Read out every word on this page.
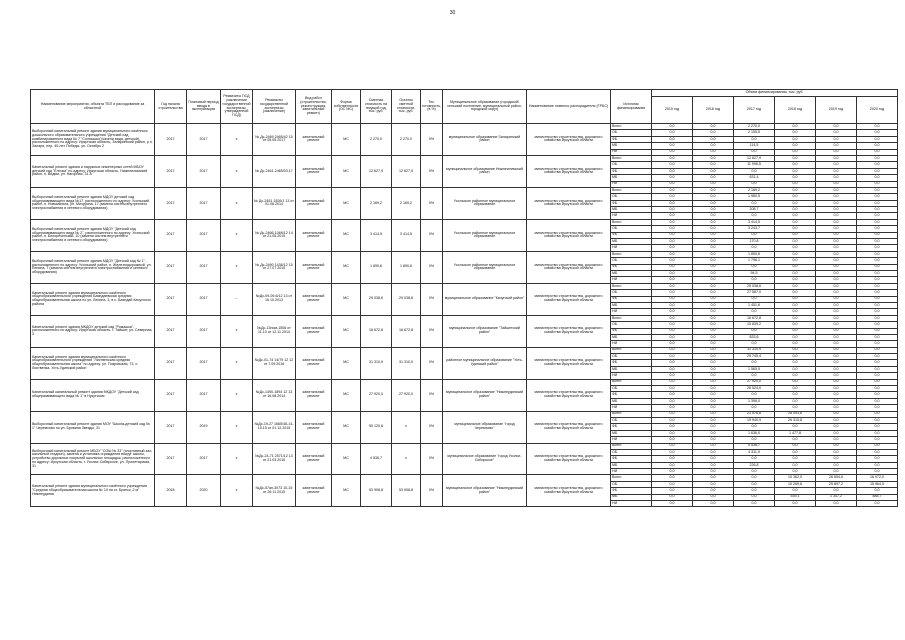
30
Наименование мероприятия, объекта ТБП и расходование за областной	Год начала строительства	Плановый период ввода в эксплуатацию	Реквизиты ПСД (заключение государственной экспертизы, утвержденной ПСД)	Реквизиты государственной экспертизы (заключение)	Вид работ (строительство, реконструкция, капитальный ремонт)	Форма собственности (ОС МС)	Сметная стоимость на текущий год, тыс. руб.	Остаток сметной стоимости, тыс. руб.	Тех. готовность, (в %)	Муниципальное образование (городской/сельский поселение, муниципальный район, городской округ)	Наименование главного распорядителя (ГРБС)	Источник финансирования	Объем финансирования, тыс. руб.					
													2015 год	2016 год	2017 год	2018 год	2019 год	2020 год
Выборочный капитальный ремонт здания муниципального казённого дошкольного образовательного учреждения "Детский сад комбинированного вида № 7 "Солнышко"(качели вида, детской), расположенного по адресу: Иркутская область, Заларинский район, р.п. Залари, пер. 40-лет Победы, ул. Октябрь 2	2017	2017	х	№ Дс-2469 2465/42 15 от 05.05.2017	капитальный ремонт	МС	2 270,0	2 270,0	0%	муниципальное образование Заларинский район	министерство строительства, дорожного хозяйства Иркутской области	Всего	0,0	0,0	2 270,0	0,0	0,0	0,0
												ОБ	0,0	0,0	2 155,5	0,0	0,0	0,0
												ФБ	0,0	0,0	0,0	0,0	0,0	0,0
												МБ	0,0	0,0	114,5	0,0	0,0	0,0
												НИ	0,0	0,0	0,0	0,0	0,0	0,0
Капитальный ремонт здания и наружных инженерных сетей МБОУ детский сад "Елочка" по адресу: Иркутская область, Нижнеилимский район, п. Видим, ул. Нагорная, 31 А	2017	2017	х	№ Дс-2461-2465/03.17	капитальный ремонт	МС	12 627,9	12 627,9	0%	муниципальное образование Нижнеилимский район	министерство строительства, дорожного хозяйства Иркутской области	Всего	0,0	0,0	12 627,9	0,0	0,0	0,0
												ОБ	0,0	0,0	11 996,5	0,0	0,0	0,0
												ФБ	0,0	0,0	0,0	0,0	0,0	0,0
												МБ	0,0	0,0	631,4	0,0	0,0	0,0
												НИ	0,0	0,0	0,0	0,0	0,0	0,0
Выборочный капитальный ремонт здания МДОУ детский сад общеразвивающего вида №17, расположенного по адресу: Усольский район, п. Новомальта, ул. Мичурина, 17 (замена систем внутреннего электроснабжения и сетевого оборудования)	2017	2017	х	№ Дс-2451 1526/1 13 от 01.08.2014	капитальный ремонт	МС	2 169,2	2 169,2	0%	Усольское районное муниципальное образование	министерство строительства, дорожного хозяйства Иркутской области	Всего	0,0	0,0	2 169,2	0,0	0,0	0,0
												ОБ	0,0	0,0	1 960,5	0,0	0,0	0,0
												ФБ	0,0	0,0	0,0	0,0	0,0	0,0
												МБ	0,0	0,0	208,7	0,0	0,0	0,0
												НИ	0,0	0,0	0,0	0,0	0,0	0,0
Выборочный капитальный ремонт здания МДОУ "Детский сад общеразвивающего вида № 2", расположенного по адресу: Усольский район, п. Белореченский, 10 (замена систем внутреннего электроснабжения и сетевого оборудования)	2017	2017	х	№ Дс-2466-1069/12 14 от 21.05.2015	капитальный ремонт	МС	3 414,5	3 414,5	0%	Усольское районное муниципальное образование	министерство строительства, дорожного хозяйства Иркутской области	Всего	0,0	0,0	3 414,5	0,0	0,0	0,0
												ОБ	0,0	0,0	3 243,7	0,0	0,0	0,0
												ФБ	0,0	0,0	0,0	0,0	0,0	0,0
												МБ	0,0	0,0	170,8	0,0	0,0	0,0
												НИ	0,0	0,0	0,0	0,0	0,0	0,0
Выборочный капитальный ремонт здания МДОУ "Детский сад № 1", расположенного по адресу: Усольский район, п. Железнодорожный, ул. Ленина, 7 (замена систем внутреннего электроснабжения и сетевого оборудования)	2017	2017	х	№ Дс-2490 1436/12 15 от 27.07.2015	капитальный ремонт	МС	1 890,6	1 890,6	0%	Усольское районное муниципальное образование	министерство строительства, дорожного хозяйства Иркутской области	Всего	0,0	0,0	1 890,6	0,0	0,0	0,0
												ОБ	0,0	0,0	1 796,1	0,0	0,0	0,0
												ФБ	0,0	0,0	0,0	0,0	0,0	0,0
												МБ	0,0	0,0	94,5	0,0	0,0	0,0
												НИ	0,0	0,0	0,0	0,0	0,0	0,0
Капитальный ремонт здания муниципального казённого общеобразовательного учреждения Баяндаевская средняя общеобразовательная школа по ул. Ленина, 3, в с. Баяндай Качугского района	2017	2017	–	№Дс-09-09-6/12 13 от 16.10.2013	капитальный ремонт	МС	29 038,6	29 038,6	0%	муниципальное образование "Качугский район"	министерство строительства, дорожного хозяйства Иркутской области	Всего	0,0	0,0	29 038,6	0,0	0,0	0,0
												ОБ	0,0	0,0	27 587,0	0,0	0,0	0,0
												ФБ	0,0	0,0	0,0	0,0	0,0	0,0
												МБ	0,0	0,0	1 451,6	0,0	0,0	0,0
												НИ	0,0	0,0	0,0	0,0	0,0	0,0
Капитальный ремонт здания МКДОУ детский сад "Ромашка", расположенного по адресу: Иркутская область, г. Тайшет, ул. Северная, 3	2017	2017	х	№Дс-13ном-1506 от 11.10 от 12.11.2014	капитальный ремонт	МС	16 672,8	16 672,8	0%	муниципальное образование "Тайшетский район"	министерство строительства, дорожного хозяйства Иркутской области	Всего	0,0	0,0	16 672,8	0,0	0,0	0,0
												ОБ	0,0	0,0	15 839,2	0,0	0,0	0,0
												ФБ	0,0	0,0	0,0	0,0	0,0	0,0
												МБ	0,0	0,0	833,6	0,0	0,0	0,0
												НИ	0,0	0,0	0,0	0,0	0,0	0,0
Капитальный ремонт здания муниципального казённого общеобразовательного учреждения "Лиственская средняя общеобразовательная школа" по адресу: ул. Покровская, 73, с. Лиственка, Усть-Удинский район	2017	2017	х	№Дс-01-74 14/79 12 12 от 7.09.2016	капитальный ремонт	МС	31 310,9	31 310,9	0%	районное муниципальное образование "Усть-Удинский район"	министерство строительства, дорожного хозяйства Иркутской области	Всего	0,0	0,0	31 310,9	0,0	0,0	0,0
												ОБ	0,0	0,0	29 745,4	0,0	0,0	0,0
												ФБ	0,0	0,0	0,0	0,0	0,0	0,0
												МБ	0,0	0,0	1 565,5	0,0	0,0	0,0
												НИ	0,0	0,0	0,0	0,0	0,0	0,0
Капитальный капитальный ремонт здания МКДОУ "Детский сад общеразвивающего вида № 1" в Нукутском	2017	2017	х	№Дс-1490-1894 12 13 от 16.08.2014	капитальный ремонт	МС	27 920,0	27 920,0	0%	муниципальное образование "Нижнеудинский район"	министерство строительства, дорожного хозяйства Иркутской области	Всего	0,0	0,0	27 920,0	0,0	0,0	0,0
												ОБ	0,0	0,0	26 524,0	0,0	0,0	0,0
												ФБ	0,0	0,0	0,0	0,0	0,0	0,0
												МБ	0,0	0,0	1 396,0	0,0	0,0	0,0
												НИ	0,0	0,0	0,0	0,0	0,0	0,0
Выборочный капитальный ремонт здания МОУ "Школа-детский сад № 1" Черемхово по ул. Бровина Звезды, 31	2017	2019	х	№Дс-19-27 1665/48-14-15.15 от 01.12.2015	капитальный ремонт	МС	50 120,8	х	0%	муниципальное образование "город Черемхово"	министерство строительства, дорожного хозяйства Иркутской области	Всего	0,0	0,0	21 576,8	28 093,6	0,0	0,0
												ОБ	0,0	0,0	19 940,9	26 315,8	0,0	0,0
												ФБ	0,0	0,0	0,0	0,0	0,0	0,0
												МБ	0,0	0,0	1 636,0	1 477,8	0,0	0,0
												НИ	0,0	0,0	0,0	0,0	0,0	0,0
Выборочный капитальный ремонт МБОУ "СОШ № 33" (спортивный зал, школьный стадион), замена и установка ограждения вокруг школы, устройство дорожных покрытий школьных площадок, расположенного по адресу: Иркутская область, г. Усолье-Сибирское, ул. Пролетарская, 31	2017	2017	х	№Дс-24-71 2571/12 13 от 21.03.2016	капитальный ремонт	МС	4 536,7	х	0%	муниципальное образование "город Усолье-Сибирское"	министерство строительства, дорожного хозяйства Иркутской области	Всего	0,0	0,0	4 536,7	0,0	0,0	0,0
												ОБ	0,0	0,0	4 311,9	0,0	0,0	0,0
												ФБ	0,0	0,0	0,0	0,0	0,0	0,0
												МБ	0,0	0,0	226,8	0,0	0,0	0,0
												НИ	0,0	0,0	0,0	0,0	0,0	0,0
Капитальный ремонт здания муниципального казённого учреждения "Средняя общеобразовательная школа № 10 на ст. Брянск, 2 м" Нижнеудинск	2018	2020	х	№Дс-57ан-3073 10-15 от 26.11.2015	капитальный ремонт	МС	53 908,8	53 908,8	0%	муниципальное образование "Нижнеудинский район"	министерство строительства, дорожного хозяйства Иркутской области	Всего	0,0	0,0	0,0	10 362,0	26 654,6	16 972,0
												ОБ	0,0	0,0	0,0	10 269,6	25 897,2	15 964,5
												ФБ	0,0	0,0	0,0	0,0	0,0	0,0
												МБ	0,0	0,0	0,0	539,1	1 347,2	888,7
												НИ	0,0	0,0	0,0	0,0	0,0	0,0
